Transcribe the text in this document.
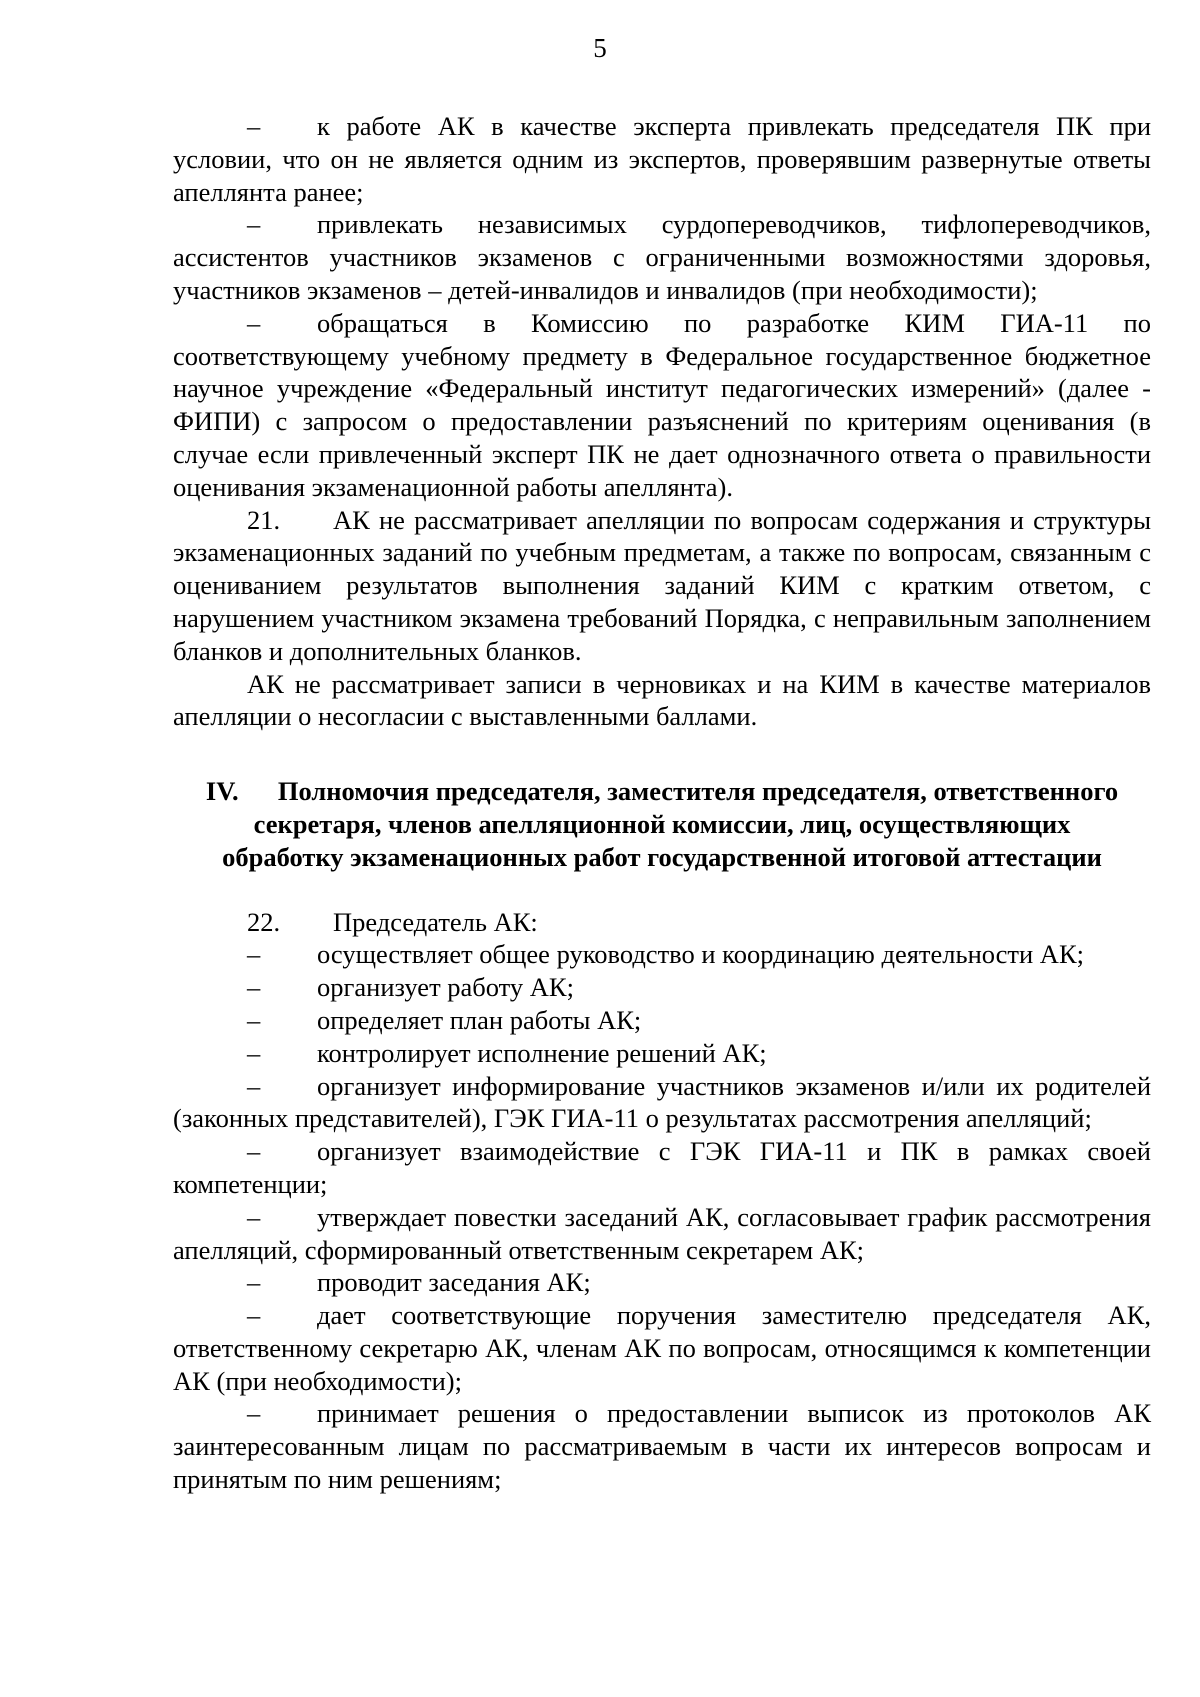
5

– к работе АК в качестве эксперта привлекать председателя ПК при условии, что он не является одним из экспертов, проверявшим развернутые ответы апеллянта ранее;

– привлекать независимых сурдопереводчиков, тифлопереводчиков, ассистентов участников экзаменов с ограниченными возможностями здоровья, участников экзаменов – детей-инвалидов и инвалидов (при необходимости);

– обращаться в Комиссию по разработке КИМ ГИА-11 по соответствующему учебному предмету в Федеральное государственное бюджетное научное учреждение «Федеральный институт педагогических измерений» (далее - ФИПИ) с запросом о предоставлении разъяснений по критериям оценивания (в случае если привлеченный эксперт ПК не дает однозначного ответа о правильности оценивания экзаменационной работы апеллянта).

21. АК не рассматривает апелляции по вопросам содержания и структуры экзаменационных заданий по учебным предметам, а также по вопросам, связанным с оцениванием результатов выполнения заданий КИМ с кратким ответом, с нарушением участником экзамена требований Порядка, с неправильным заполнением бланков и дополнительных бланков.

АК не рассматривает записи в черновиках и на КИМ в качестве материалов апелляции о несогласии с выставленными баллами.

IV. Полномочия председателя, заместителя председателя, ответственного
секретаря, членов апелляционной комиссии, лиц, осуществляющих
обработку экзаменационных работ государственной итоговой аттестации

22. Председатель АК:

– осуществляет общее руководство и координацию деятельности АК;

– организует работу АК;

– определяет план работы АК;

– контролирует исполнение решений АК;

– организует информирование участников экзаменов и/или их родителей (законных представителей), ГЭК ГИА-11 о результатах рассмотрения апелляций;

– организует взаимодействие с ГЭК ГИА-11 и ПК в рамках своей компетенции;

– утверждает повестки заседаний АК, согласовывает график рассмотрения апелляций, сформированный ответственным секретарем АК;

– проводит заседания АК;

– дает соответствующие поручения заместителю председателя АК, ответственному секретарю АК, членам АК по вопросам, относящимся к компетенции АК (при необходимости);

– принимает решения о предоставлении выписок из протоколов АК заинтересованным лицам по рассматриваемым в части их интересов вопросам и принятым по ним решениям;
